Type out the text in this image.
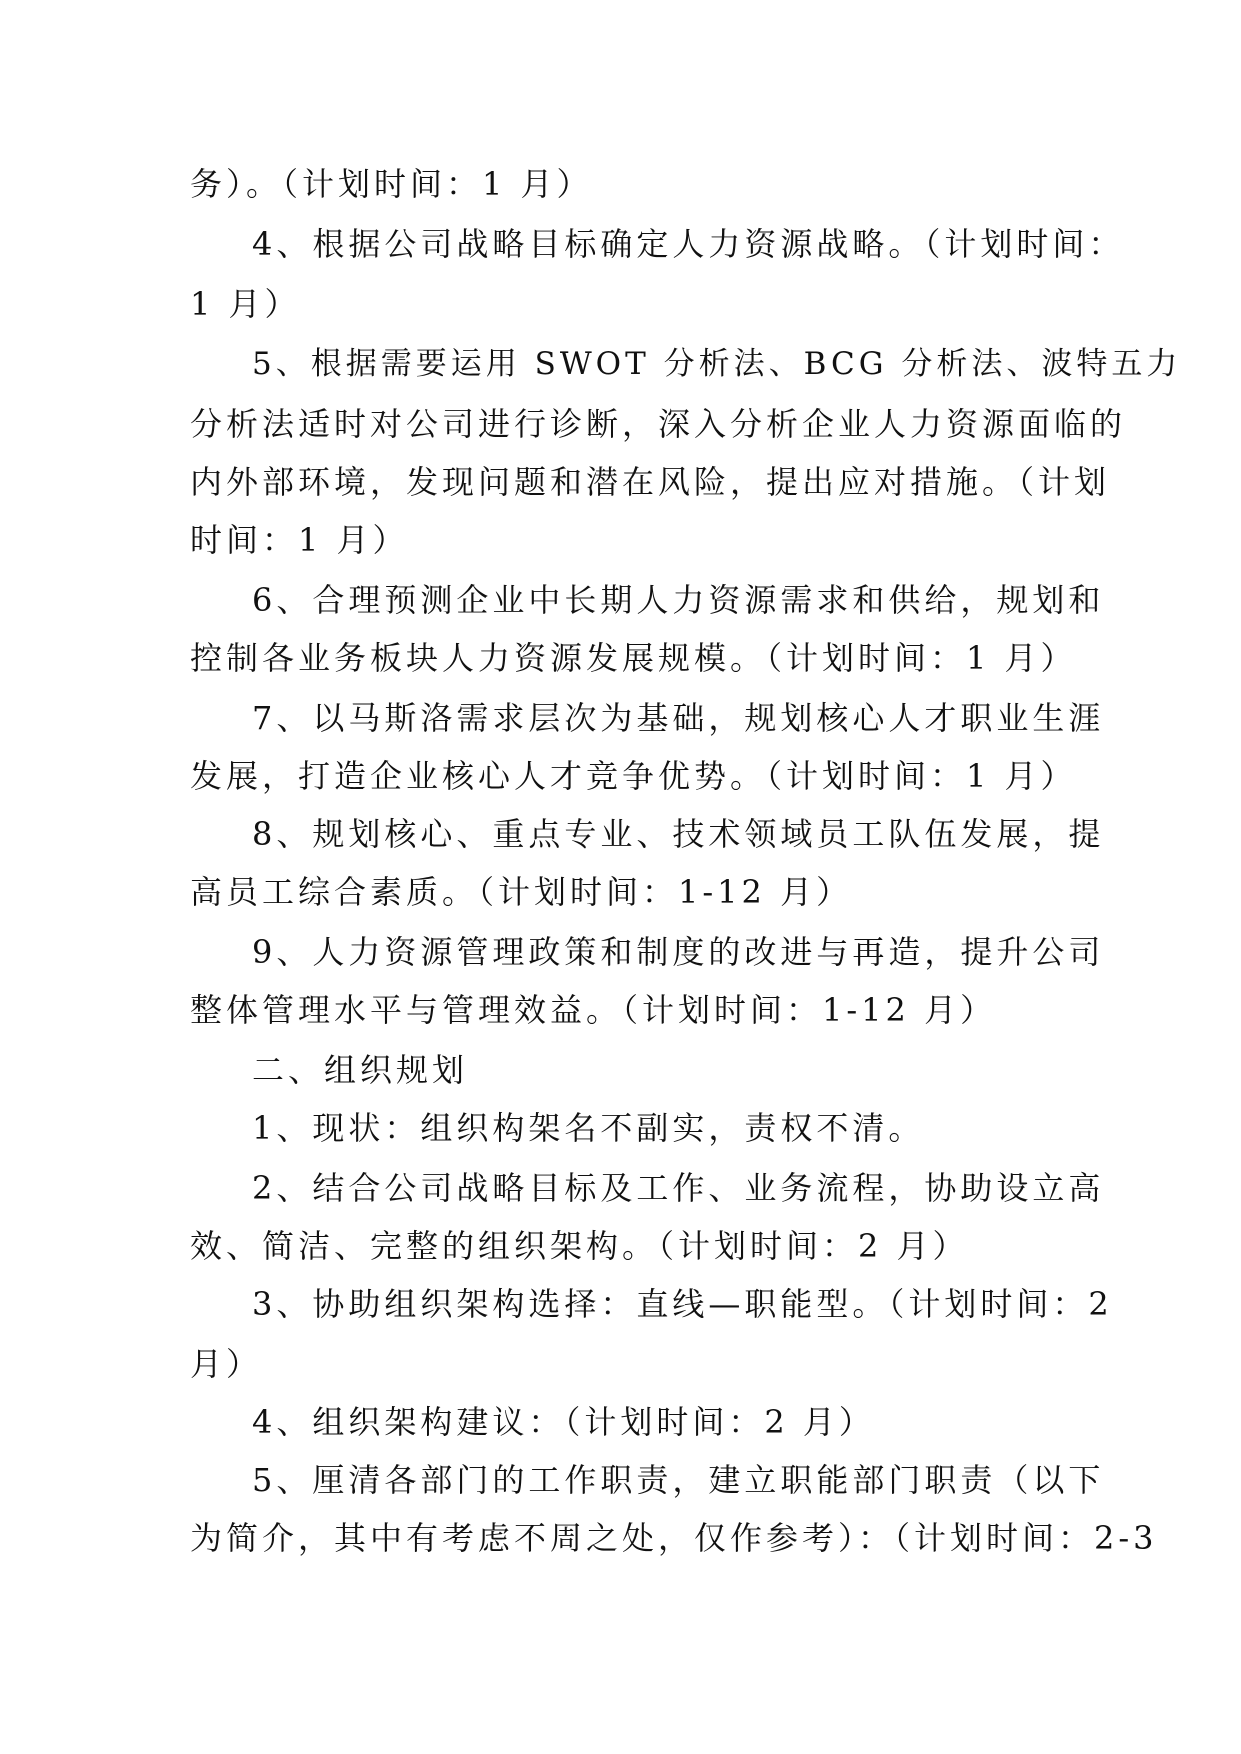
务）。（计划时间：1 月）
4、根据公司战略目标确定人力资源战略。（计划时间：
1 月）
5、根据需要运用 SWOT 分析法、BCG 分析法、波特五力
分析法适时对公司进行诊断，深入分析企业人力资源面临的
内外部环境，发现问题和潜在风险，提出应对措施。（计划
时间：1 月）
6、合理预测企业中长期人力资源需求和供给，规划和
控制各业务板块人力资源发展规模。（计划时间：1 月）
7、以马斯洛需求层次为基础，规划核心人才职业生涯
发展，打造企业核心人才竞争优势。（计划时间：1 月）
8、规划核心、重点专业、技术领域员工队伍发展，提
高员工综合素质。（计划时间：1-12 月）
9、人力资源管理政策和制度的改进与再造，提升公司
整体管理水平与管理效益。（计划时间：1-12 月）
二、组织规划
1、现状：组织构架名不副实，责权不清。
2、结合公司战略目标及工作、业务流程，协助设立高
效、简洁、完整的组织架构。（计划时间：2 月）
3、协助组织架构选择：直线—职能型。（计划时间：2
月）
4、组织架构建议：（计划时间：2 月）
5、厘清各部门的工作职责，建立职能部门职责（以下
为简介，其中有考虑不周之处，仅作参考）：（计划时间：2-3
